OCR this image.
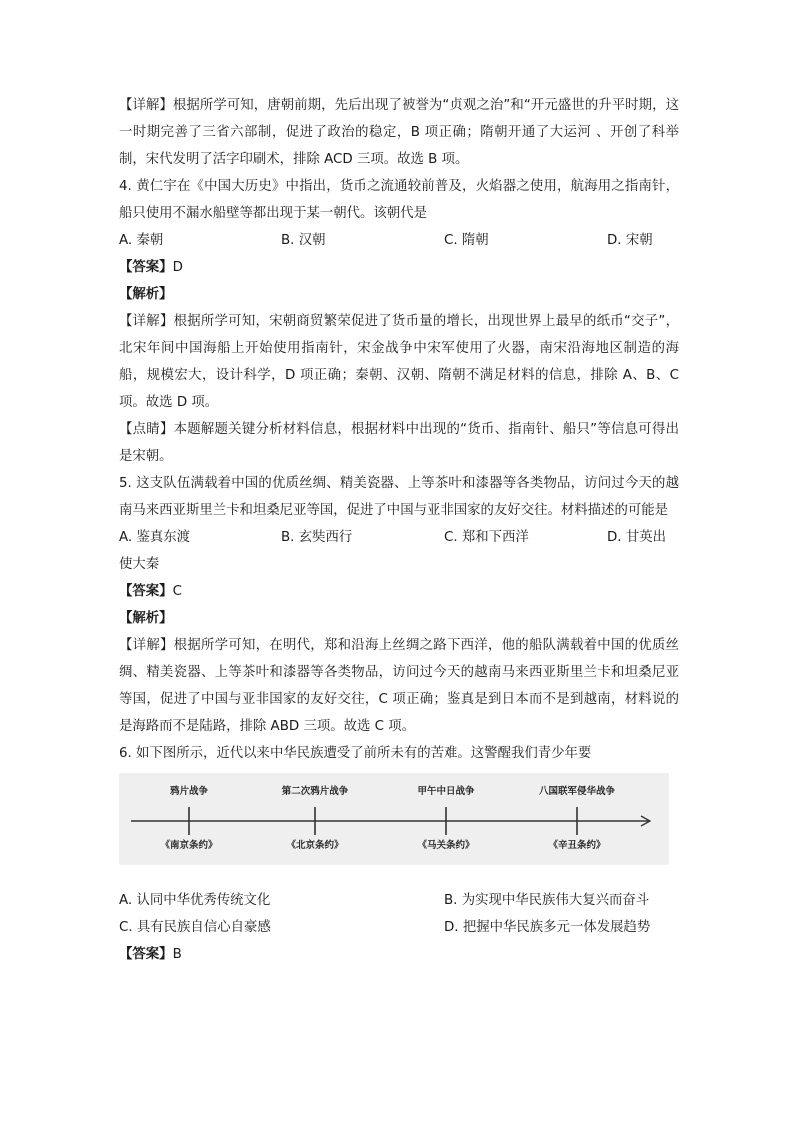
【详解】根据所学可知，唐朝前期，先后出现了被誉为“贞观之治”和“开元盛世的升平时期，这一时期完善了三省六部制，促进了政治的稳定，B 项正确；隋朝开通了大运河 、开创了科举制，宋代发明了活字印刷术，排除 ACD 三项。故选 B 项。

4. 黄仁宇在《中国大历史》中指出，货币之流通较前普及，火焰器之使用，航海用之指南针，船只使用不漏水船壁等都出现于某一朝代。该朝代是

A. 秦朝	B. 汉朝	C. 隋朝	D. 宋朝

【答案】D

【解析】

【详解】根据所学可知，宋朝商贸繁荣促进了货币量的增长，出现世界上最早的纸币“交子”，北宋年间中国海船上开始使用指南针，宋金战争中宋军使用了火器，南宋沿海地区制造的海船，规模宏大，设计科学，D 项正确；秦朝、汉朝、隋朝不满足材料的信息，排除 A、B、C 项。故选 D 项。

【点睛】本题解题关键分析材料信息，根据材料中出现的“货币、指南针、船只”等信息可得出是宋朝。

5. 这支队伍满载着中国的优质丝绸、精美瓷器、上等茶叶和漆器等各类物品，访问过今天的越南马来西亚斯里兰卡和坦桑尼亚等国，促进了中国与亚非国家的友好交往。材料描述的可能是

A. 鉴真东渡	B. 玄奘西行	C. 郑和下西洋	D. 甘英出

使大秦

【答案】C

【解析】

【详解】根据所学可知，在明代，郑和沿海上丝绸之路下西洋，他的船队满载着中国的优质丝绸、精美瓷器、上等茶叶和漆器等各类物品，访问过今天的越南马来西亚斯里兰卡和坦桑尼亚等国，促进了中国与亚非国家的友好交往，C 项正确；鉴真是到日本而不是到越南，材料说的是海路而不是陆路，排除 ABD 三项。故选 C 项。

6. 如下图所示，近代以来中华民族遭受了前所未有的苦难。这警醒我们青少年要

鸦片战争	第二次鸦片战争	甲午中日战争	八国联军侵华战争
《南京条约》	《北京条约》	《马关条约》	《辛丑条约》
A. 认同中华优秀传统文化	B. 为实现中华民族伟大复兴而奋斗
C. 具有民族自信心自豪感	D. 把握中华民族多元一体发展趋势

【答案】B
